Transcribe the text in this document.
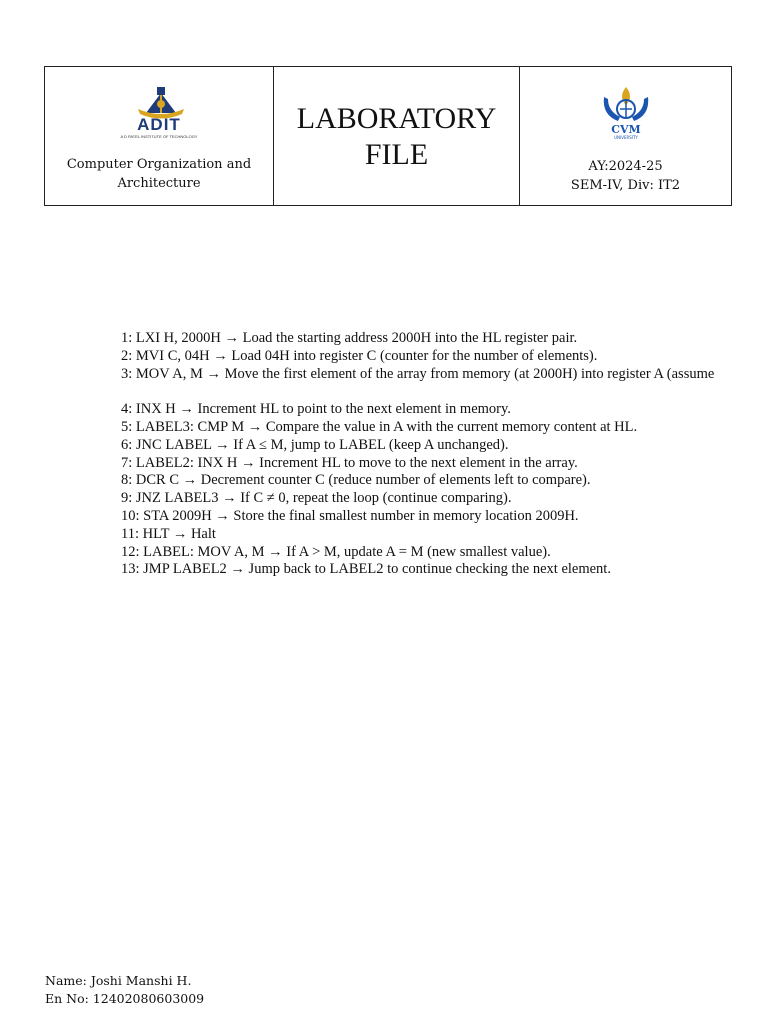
ADIT
A D PATEL INSTITUTE OF TECHNOLOGY
Computer Organization and Architecture
LABORATORY
FILE
CVM
UNIVERSITY
AY:2024-25
SEM-IV, Div: IT2
1: LXI H, 2000H → Load the starting address 2000H into the HL register pair.
2: MVI C, 04H → Load 04H into register C (counter for the number of elements).
3: MOV A, M → Move the first element of the array from memory (at 2000H) into register A (assume
4: INX H → Increment HL to point to the next element in memory.
5: LABEL3: CMP M → Compare the value in A with the current memory content at HL.
6: JNC LABEL → If A ≤ M, jump to LABEL (keep A unchanged).
7: LABEL2: INX H → Increment HL to move to the next element in the array.
8: DCR C → Decrement counter C (reduce number of elements left to compare).
9: JNZ LABEL3 → If C ≠ 0, repeat the loop (continue comparing).
10: STA 2009H → Store the final smallest number in memory location 2009H.
11: HLT → Halt
12: LABEL: MOV A, M → If A > M, update A = M (new smallest value).
13: JMP LABEL2 → Jump back to LABEL2 to continue checking the next element.
Name: Joshi Manshi H.
En No: 12402080603009
